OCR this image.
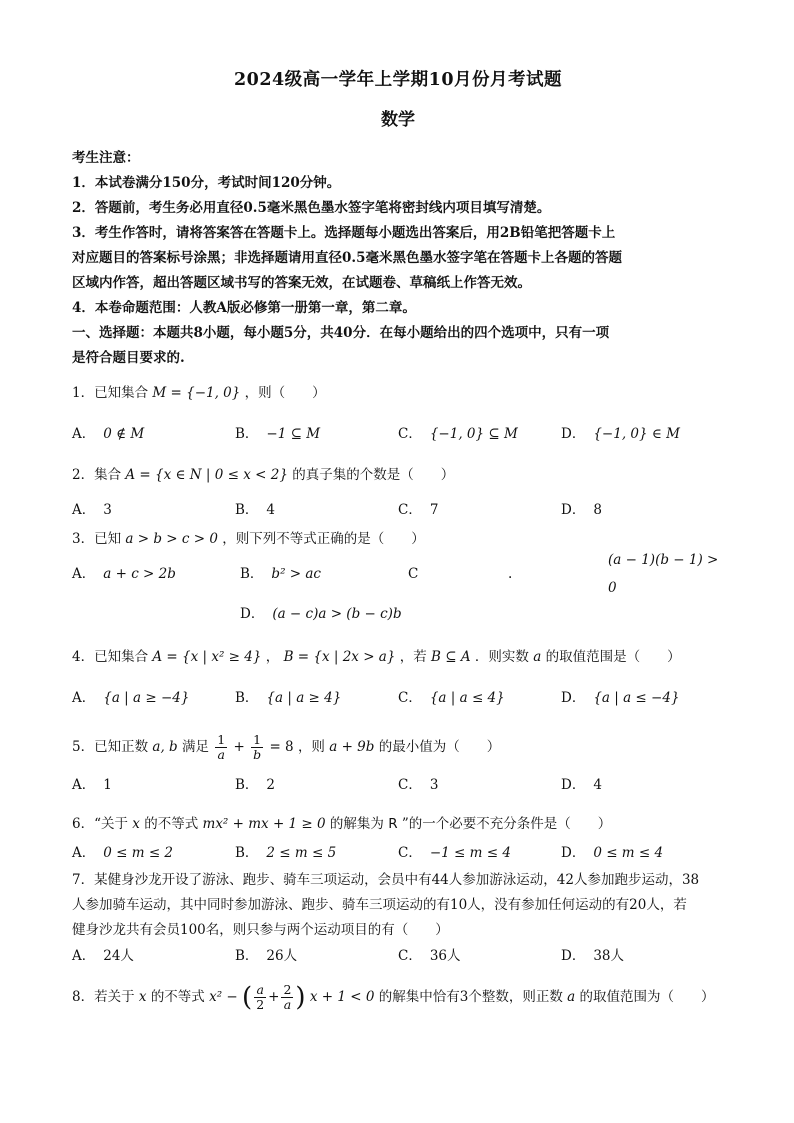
2024级高一学年上学期10月份月考试题
数学
考生注意：
1．本试卷满分150分，考试时间120分钟。
2．答题前，考生务必用直径0.5毫米黑色墨水签字笔将密封线内项目填写清楚。
3．考生作答时，请将答案答在答题卡上。选择题每小题选出答案后，用2B铅笔把答题卡上
对应题目的答案标号涂黑；非选择题请用直径0.5毫米黑色墨水签字笔在答题卡上各题的答题
区域内作答，超出答题区域书写的答案无效，在试题卷、草稿纸上作答无效。
4．本卷命题范围：人教A版必修第一册第一章，第二章。
一、选择题：本题共8小题，每小题5分，共40分．在每小题给出的四个选项中，只有一项
是符合题目要求的.
1．已知集合 M = {−1, 0} ，则（　　）
A． 0 ∉ M	B． −1 ⊆ M	C． {−1, 0} ⊆ M	D． {−1, 0} ∈ M
2．集合 A = {x ∈ N | 0 ≤ x < 2} 的真子集的个数是（　　）
A． 3	B． 4	C． 7	D． 8
3．已知 a > b > c > 0 ，则下列不等式正确的是（　　）
A． a + c > 2b	B． b² > ac	C	.
(a − 1)(b − 1) > 0
D． (a − c)a > (b − c)b
4．已知集合 A = {x | x² ≥ 4} ， B = {x | 2x > a} ，若 B ⊆ A ．则实数 a 的取值范围是（　　）
A． {a | a ≥ −4}	B． {a | a ≥ 4}	C． {a | a ≤ 4}	D． {a | a ≤ −4}
5．已知正数 a, b 满足 $\frac{1}{a} + \frac{1}{b} = 8$ ，则 a + 9b 的最小值为（　　）
A． 1	B． 2	C． 3	D． 4
6．“关于 x 的不等式 mx² + mx + 1 ≥ 0 的解集为 R ”的一个必要不充分条件是（　　）
A． 0 ≤ m ≤ 2	B． 2 ≤ m ≤ 5	C． −1 ≤ m ≤ 4	D． 0 ≤ m ≤ 4
7．某健身沙龙开设了游泳、跑步、骑车三项运动，会员中有44人参加游泳运动，42人参加跑步运动，38
人参加骑车运动，其中同时参加游泳、跑步、骑车三项运动的有10人，没有参加任何运动的有20人，若
健身沙龙共有会员100名，则只参与两个运动项目的有（　　）
A． 24人	B． 26人	C． 36人	D． 38人
8．若关于 x 的不等式 x² − ( $\frac{a}{2} + \frac{2}{a}$ ) x + 1 < 0 的解集中恰有3个整数，则正数 a 的取值范围为（　　）
